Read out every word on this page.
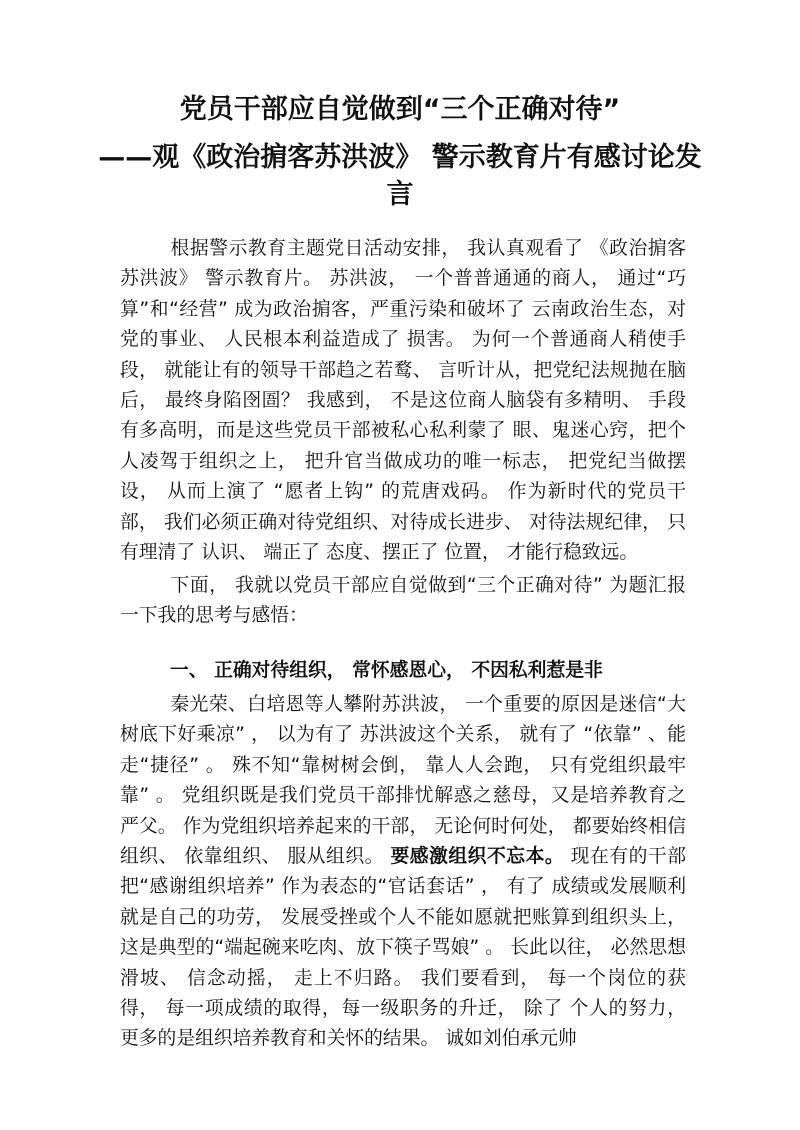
党员干部应自觉做到“三个正确对待”
——观《政治掮客苏洪波》 警示教育片有感讨论发
言

根据警示教育主题党日活动安排， 我认真观看了 《政治掮客苏洪波》 警示教育片。 苏洪波， 一个普普通通的商人， 通过“巧算”和“经营” 成为政治掮客，严重污染和破坏了 云南政治生态，对党的事业、 人民根本利益造成了 损害。 为何一个普通商人稍使手段， 就能让有的领导干部趋之若鹜、 言听计从，把党纪法规抛在脑后， 最终身陷囹圄？ 我感到， 不是这位商人脑袋有多精明、 手段有多高明，而是这些党员干部被私心私利蒙了 眼、鬼迷心窍，把个人凌驾于组织之上， 把升官当做成功的唯一标志， 把党纪当做摆设， 从而上演了 “愿者上钩” 的荒唐戏码。 作为新时代的党员干部， 我们必须正确对待党组织、对待成长进步、 对待法规纪律， 只有理清了 认识、 端正了 态度、摆正了 位置， 才能行稳致远。

下面， 我就以党员干部应自觉做到“三个正确对待” 为题汇报一下我的思考与感悟：

一、 正确对待组织， 常怀感恩心， 不因私利惹是非

秦光荣、白培恩等人攀附苏洪波， 一个重要的原因是迷信“大树底下好乘凉” ， 以为有了 苏洪波这个关系， 就有了 “依靠” 、能走“捷径” 。 殊不知“靠树树会倒， 靠人人会跑， 只有党组织最牢靠” 。 党组织既是我们党员干部排忧解惑之慈母，又是培养教育之严父。 作为党组织培养起来的干部， 无论何时何处， 都要始终相信组织、 依靠组织、 服从组织。 要感激组织不忘本。 现在有的干部把“感谢组织培养” 作为表态的“官话套话” ， 有了 成绩或发展顺利就是自己的功劳， 发展受挫或个人不能如愿就把账算到组织头上， 这是典型的“端起碗来吃肉、放下筷子骂娘” 。 长此以往， 必然思想滑坡、 信念动摇， 走上不归路。 我们要看到， 每一个岗位的获得， 每一项成绩的取得，每一级职务的升迁， 除了 个人的努力， 更多的是组织培养教育和关怀的结果。 诚如刘伯承元帅
